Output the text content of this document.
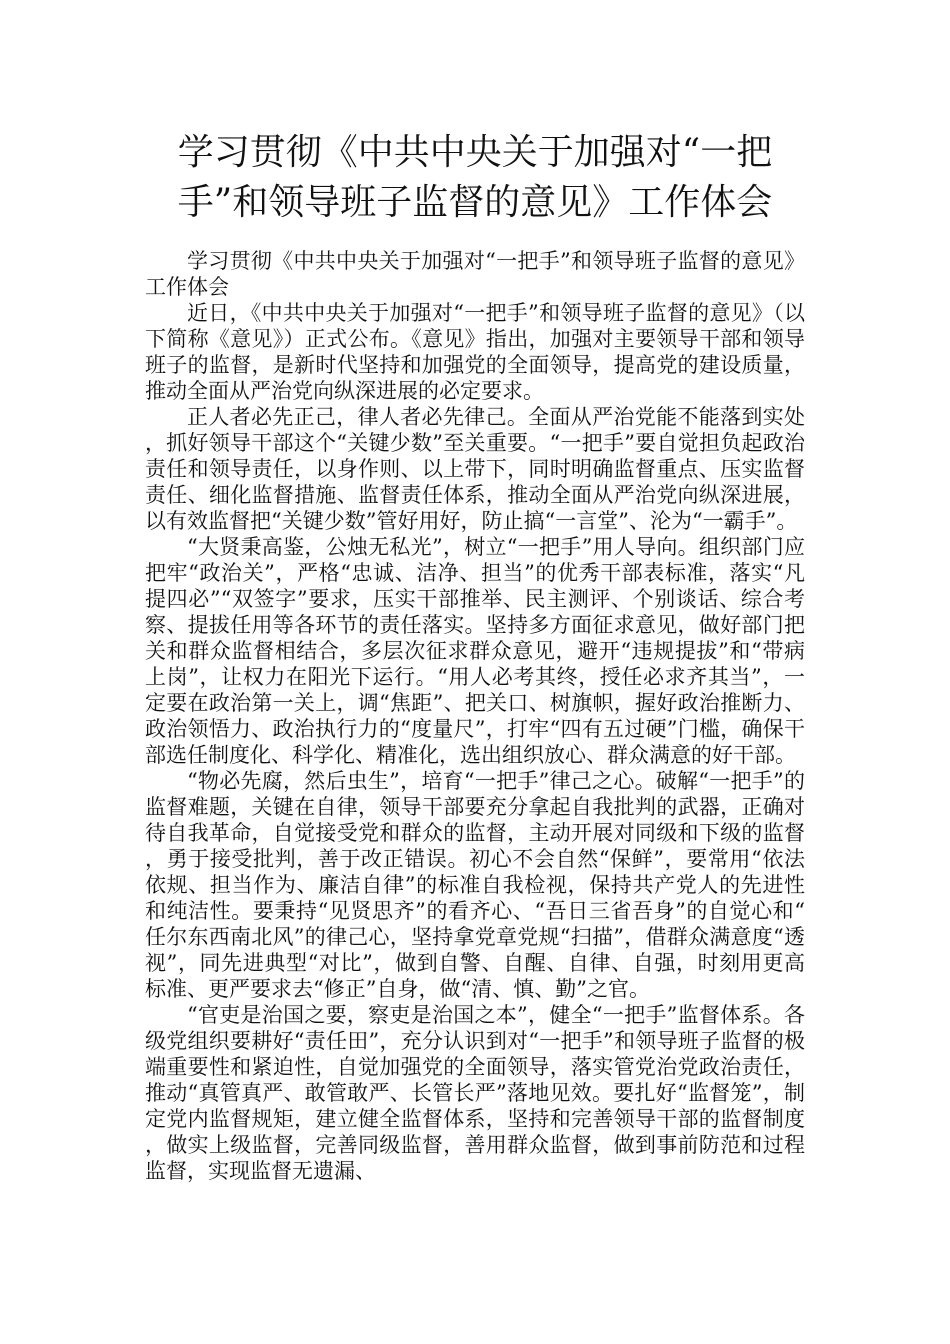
学习贯彻《中共中央关于加强对“一把
手”和领导班子监督的意见》工作体会

学习贯彻《中共中央关于加强对“一把手”和领导班子监督的意见》工作体会

近日，《中共中央关于加强对“一把手”和领导班子监督的意见》（以下简称《意见》）正式公布。《意见》指出，加强对主要领导干部和领导班子的监督，是新时代坚持和加强党的全面领导，提高党的建设质量，推动全面从严治党向纵深进展的必定要求。

正人者必先正己，律人者必先律己。全面从严治党能不能落到实处，抓好领导干部这个“关键少数”至关重要。“一把手”要自觉担负起政治责任和领导责任，以身作则、以上带下，同时明确监督重点、压实监督责任、细化监督措施、监督责任体系，推动全面从严治党向纵深进展，以有效监督把“关键少数”管好用好，防止搞“一言堂”、沦为“一霸手”。

“大贤秉高鉴，公烛无私光”，树立“一把手”用人导向。组织部门应把牢“政治关”，严格“忠诚、洁净、担当”的优秀干部表标准，落实“凡提四必”“双签字”要求，压实干部推举、民主测评、个别谈话、综合考察、提拔任用等各环节的责任落实。坚持多方面征求意见，做好部门把关和群众监督相结合，多层次征求群众意见，避开“违规提拔”和“带病上岗”，让权力在阳光下运行。“用人必考其终，授任必求齐其当”，一定要在政治第一关上，调“焦距”、把关口、树旗帜，握好政治推断力、政治领悟力、政治执行力的“度量尺”，打牢“四有五过硬”门槛，确保干部选任制度化、科学化、精准化，选出组织放心、群众满意的好干部。

“物必先腐，然后虫生”，培育“一把手”律己之心。破解“一把手”的监督难题，关键在自律，领导干部要充分拿起自我批判的武器，正确对待自我革命，自觉接受党和群众的监督，主动开展对同级和下级的监督，勇于接受批判，善于改正错误。初心不会自然“保鲜”，要常用“依法依规、担当作为、廉洁自律”的标准自我检视，保持共产党人的先进性和纯洁性。要秉持“见贤思齐”的看齐心、“吾日三省吾身”的自觉心和“任尔东西南北风”的律己心，坚持拿党章党规“扫描”，借群众满意度“透视”，同先进典型“对比”，做到自警、自醒、自律、自强，时刻用更高标准、更严要求去“修正”自身，做“清、慎、勤”之官。

“官吏是治国之要，察吏是治国之本”，健全“一把手”监督体系。各级党组织要耕好“责任田”，充分认识到对“一把手”和领导班子监督的极端重要性和紧迫性，自觉加强党的全面领导，落实管党治党政治责任，推动“真管真严、敢管敢严、长管长严”落地见效。要扎好“监督笼”，制定党内监督规矩，建立健全监督体系，坚持和完善领导干部的监督制度，做实上级监督，完善同级监督，善用群众监督，做到事前防范和过程监督，实现监督无遗漏、
